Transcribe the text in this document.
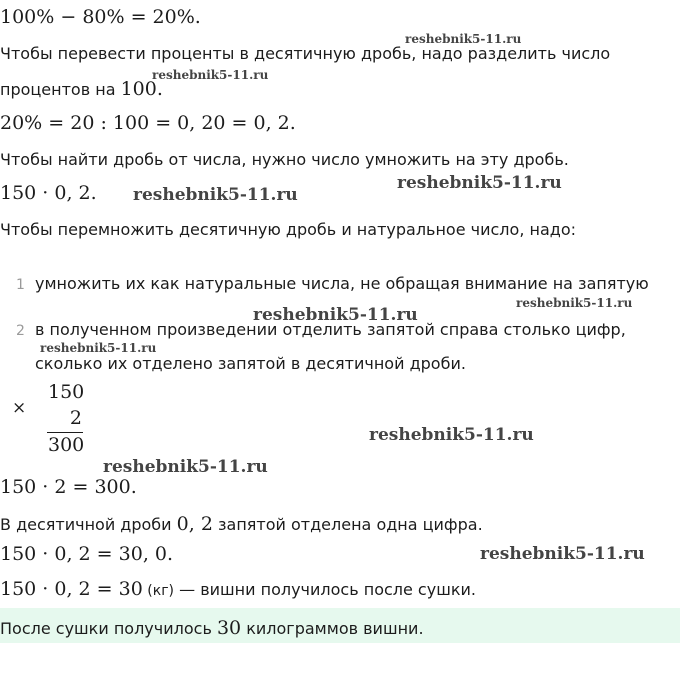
100% − 80% = 20%.
Чтобы перевести проценты в десятичную дробь, надо разделить число
процентов на 100.
20% = 20 : 100 = 0, 20 = 0, 2.
Чтобы найти дробь от числа, нужно число умножить на эту дробь.
150 · 0, 2.
Чтобы перемножить десятичную дробь и натуральное число, надо:
1 умножить их как натуральные числа, не обращая внимание на запятую
2 в полученном произведении отделить запятой справа столько цифр,
сколько их отделено запятой в десятичной дроби.
×
150
2
300
150 · 2 = 300.
В десятичной дроби 0, 2 запятой отделена одна цифра.
150 · 0, 2 = 30, 0.
150 · 0, 2 = 30 (кг) — вишни получилось после сушки.
После сушки получилось 30 килограммов вишни.
reshebnik5-11.ru
reshebnik5-11.ru
reshebnik5-11.ru
reshebnik5-11.ru
reshebnik5-11.ru
reshebnik5-11.ru
reshebnik5-11.ru
reshebnik5-11.ru
reshebnik5-11.ru
reshebnik5-11.ru
